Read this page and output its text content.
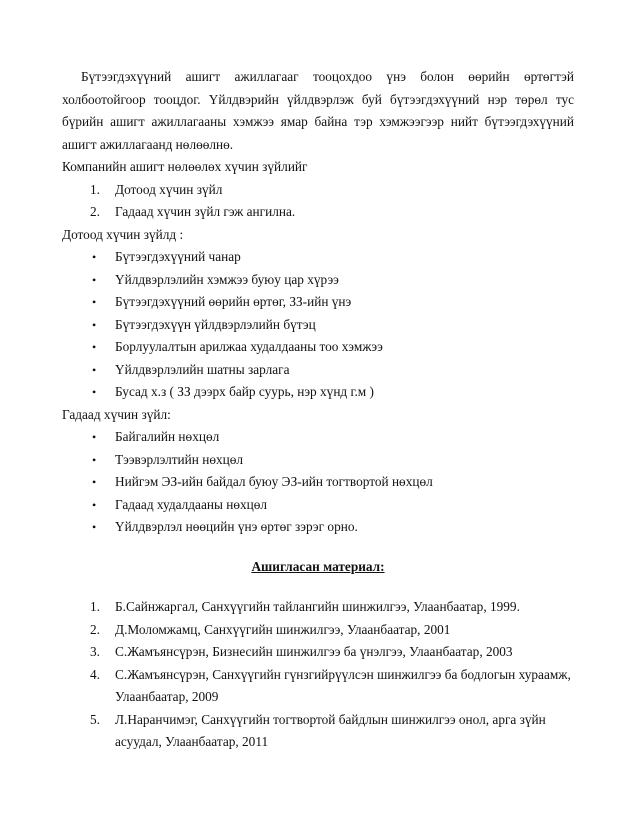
Бүтээгдэхүүний ашигт ажиллагааг тооцохдоо үнэ болон өөрийн өртөгтэй холбоотойгоор тооцдог. Үйлдвэрийн үйлдвэрлэж буй бүтээгдэхүүний нэр төрөл тус бүрийн ашигт ажиллагааны хэмжээ ямар байна тэр хэмжээгээр нийт бүтээгдэхүүний ашигт ажиллагаанд нөлөөлнө.

Компанийн ашигт нөлөөлөх хүчин зүйлийг

1. Дотоод хүчин зүйл
2. Гадаад хүчин зүйл гэж ангилна.

Дотоод хүчин зүйлд :

• Бүтээгдэхүүний чанар
• Үйлдвэрлэлийн хэмжээ буюу цар хүрээ
• Бүтээгдэхүүний өөрийн өртөг, ЗЗ-ийн үнэ
• Бүтээгдэхүүн үйлдвэрлэлийн бүтэц
• Борлуулалтын арилжаа худалдааны тоо хэмжээ
• Үйлдвэрлэлийн шатны зарлага
• Бусад х.з ( ЗЗ дээрх байр суурь, нэр хүнд г.м )

Гадаад хүчин зүйл:

• Байгалийн нөхцөл
• Тээвэрлэлтийн нөхцөл
• Нийгэм ЭЗ-ийн байдал буюу ЭЗ-ийн тогтвортой нөхцөл
• Гадаад худалдааны нөхцөл
• Үйлдвэрлэл нөөцийн үнэ өртөг зэрэг орно.

Ашигласан материал:

1. Б.Сайнжаргал, Санхүүгийн тайлангийн шинжилгээ, Улаанбаатар, 1999.
2. Д.Моломжамц, Санхүүгийн шинжилгээ, Улаанбаатар, 2001
3. С.Жамъянсүрэн, Бизнесийн шинжилгээ ба үнэлгээ, Улаанбаатар, 2003
4. С.Жамъянсүрэн, Санхүүгийн гүнзгийрүүлсэн шинжилгээ ба бодлогын хураамж, Улаанбаатар, 2009
5. Л.Наранчимэг, Санхүүгийн тогтвортой байдлын шинжилгээ онол, арга зүйн асуудал, Улаанбаатар, 2011
